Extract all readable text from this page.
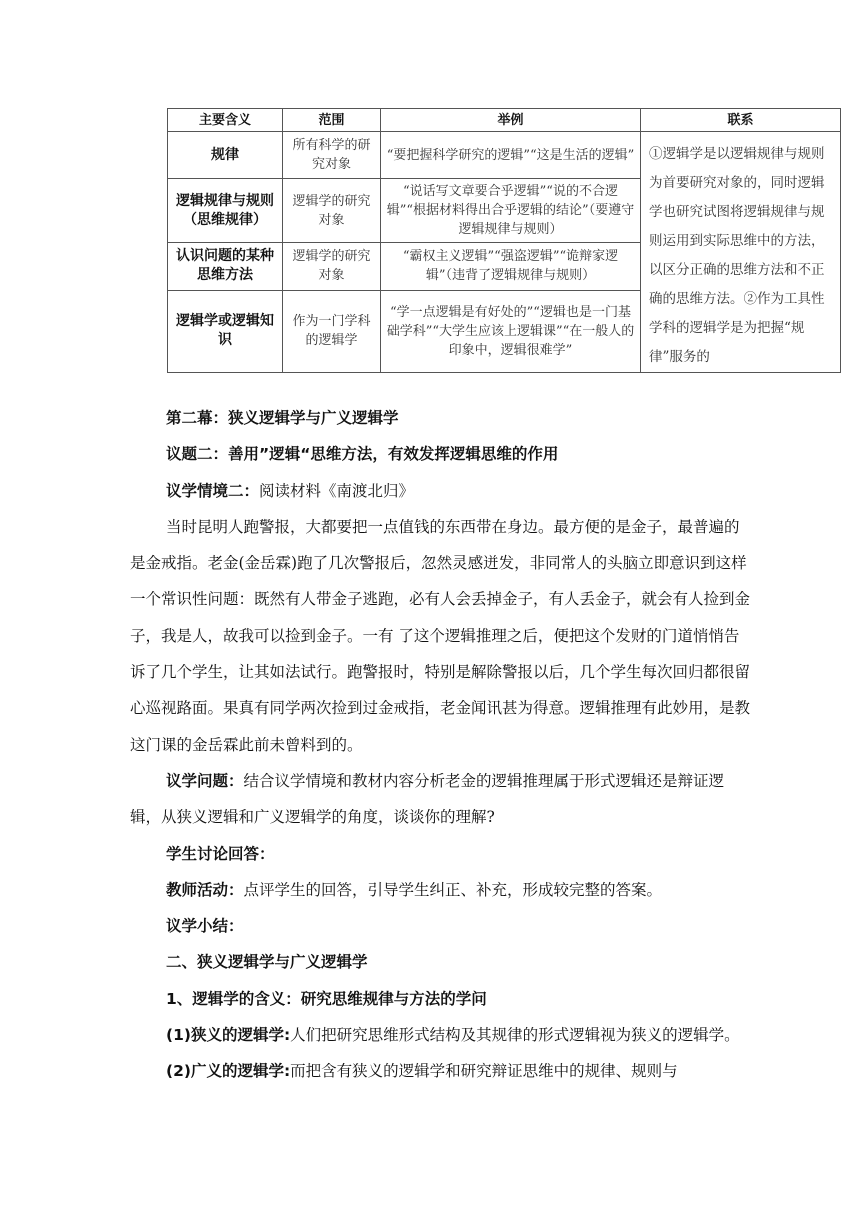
主要含义	范围	举例	联系
规律	所有科学的研究对象	“要把握科学研究的逻辑”“这是生活的逻辑”	①逻辑学是以逻辑规律与规则为首要研究对象的，同时逻辑学也研究试图将逻辑规律与规则运用到实际思维中的方法，以区分正确的思维方法和不正确的思维方法。②作为工具性学科的逻辑学是为把握“规律”服务的
逻辑规律与规则（思维规律）	逻辑学的研究对象	“说话写文章要合乎逻辑”“说的不合逻辑”“根据材料得出合乎逻辑的结论”（要遵守逻辑规律与规则）	
认识问题的某种思维方法	逻辑学的研究对象	“霸权主义逻辑”“强盗逻辑”“诡辩家逻辑”（违背了逻辑规律与规则）	
逻辑学或逻辑知识	作为一门学科的逻辑学	“学一点逻辑是有好处的”“逻辑也是一门基础学科”“大学生应该上逻辑课”“在一般人的印象中，逻辑很难学”	

第二幕：狭义逻辑学与广义逻辑学

议题二：善用”逻辑“思维方法，有效发挥逻辑思维的作用

议学情境二：阅读材料《南渡北归》

当时昆明人跑警报，大都要把一点值钱的东西带在身边。最方便的是金子，最普遍的是金戒指。老金(金岳霖)跑了几次警报后，忽然灵感迸发，非同常人的头脑立即意识到这样一个常识性问题：既然有人带金子逃跑，必有人会丢掉金子，有人丢金子，就会有人捡到金子，我是人，故我可以捡到金子。一有 了这个逻辑推理之后，便把这个发财的门道悄悄告诉了几个学生，让其如法试行。跑警报时，特别是解除警报以后，几个学生每次回归都很留心巡视路面。果真有同学两次捡到过金戒指，老金闻讯甚为得意。逻辑推理有此妙用，是教这门课的金岳霖此前未曾料到的。

议学问题：结合议学情境和教材内容分析老金的逻辑推理属于形式逻辑还是辩证逻辑，从狭义逻辑和广义逻辑学的角度，谈谈你的理解?

学生讨论回答：

教师活动：点评学生的回答，引导学生纠正、补充，形成较完整的答案。

议学小结：

二、狭义逻辑学与广义逻辑学

1、逻辑学的含义：研究思维规律与方法的学问

(1)狭义的逻辑学:人们把研究思维形式结构及其规律的形式逻辑视为狭义的逻辑学。

(2)广义的逻辑学:而把含有狭义的逻辑学和研究辩证思维中的规律、规则与
